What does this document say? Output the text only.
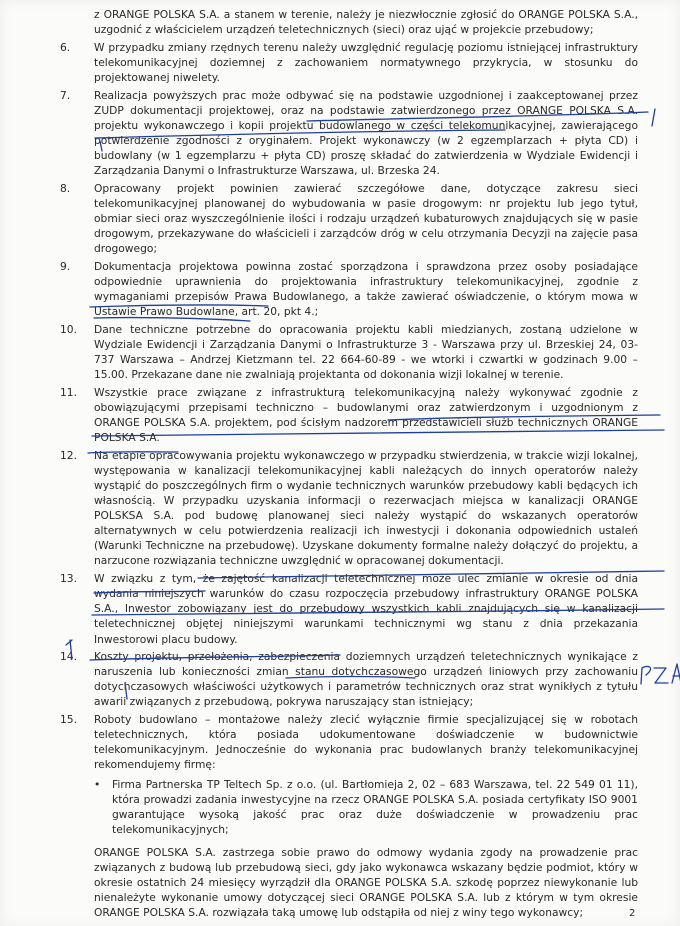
z ORANGE POLSKA S.A. a stanem w terenie, należy je niezwłocznie zgłosić do ORANGE POLSKA S.A., uzgodnić z właścicielem urządzeń teletechnicznych (sieci) oraz ująć w projekcie przebudowy;
6. W przypadku zmiany rzędnych terenu należy uwzględnić regulację poziomu istniejącej infrastruktury telekomunikacyjnej doziemnej z zachowaniem normatywnego przykrycia, w stosunku do projektowanej niwelety.
7. Realizacja powyższych prac może odbywać się na podstawie uzgodnionej i zaakceptowanej przez ZUDP dokumentacji projektowej, oraz na podstawie zatwierdzonego przez ORANGE POLSKA S.A. projektu wykonawczego i kopii projektu budowlanego w części telekomunikacyjnej, zawierającego potwierdzenie zgodności z oryginałem. Projekt wykonawczy (w 2 egzemplarzach + płyta CD) i budowlany (w 1 egzemplarzu + płyta CD) proszę składać do zatwierdzenia w Wydziale Ewidencji i Zarządzania Danymi o Infrastrukturze Warszawa, ul. Brzeska 24.
8. Opracowany projekt powinien zawierać szczegółowe dane, dotyczące zakresu sieci telekomunikacyjnej planowanej do wybudowania w pasie drogowym: nr projektu lub jego tytuł, obmiar sieci oraz wyszczególnienie ilości i rodzaju urządzeń kubaturowych znajdujących się w pasie drogowym, przekazywane do właścicieli i zarządców dróg w celu otrzymania Decyzji na zajęcie pasa drogowego;
9. Dokumentacja projektowa powinna zostać sporządzona i sprawdzona przez osoby posiadające odpowiednie uprawnienia do projektowania infrastruktury telekomunikacyjnej, zgodnie z wymaganiami przepisów Prawa Budowlanego, a także zawierać oświadczenie, o którym mowa w Ustawie Prawo Budowlane, art. 20, pkt 4.;
10. Dane techniczne potrzebne do opracowania projektu kabli miedzianych, zostaną udzielone w Wydziale Ewidencji i Zarządzania Danymi o Infrastrukturze 3 - Warszawa przy ul. Brzeskiej 24, 03-737 Warszawa – Andrzej Kietzmann tel. 22 664-60-89 - we wtorki i czwartki w godzinach 9.00 – 15.00. Przekazane dane nie zwalniają projektanta od dokonania wizji lokalnej w terenie.
11. Wszystkie prace związane z infrastrukturą telekomunikacyjną należy wykonywać zgodnie z obowiązującymi przepisami techniczno – budowlanymi oraz zatwierdzonym i uzgodnionym z ORANGE POLSKA S.A. projektem, pod ścisłym nadzorem przedstawicieli służb technicznych ORANGE POLSKA S.A.
12. Na etapie opracowywania projektu wykonawczego w przypadku stwierdzenia, w trakcie wizji lokalnej, występowania w kanalizacji telekomunikacyjnej kabli należących do innych operatorów należy wystąpić do poszczególnych firm o wydanie technicznych warunków przebudowy kabli będących ich własnością. W przypadku uzyskania informacji o rezerwacjach miejsca w kanalizacji ORANGE POLSKSA S.A. pod budowę planowanej sieci należy wystąpić do wskazanych operatorów alternatywnych w celu potwierdzenia realizacji ich inwestycji i dokonania odpowiednich ustaleń (Warunki Techniczne na przebudowę). Uzyskane dokumenty formalne należy dołączyć do projektu, a narzucone rozwiązania techniczne uwzględnić w opracowanej dokumentacji.
13. W związku z tym, że zajętość kanalizacji teletechnicznej może ulec zmianie w okresie od dnia wydania niniejszych warunków do czasu rozpoczęcia przebudowy infrastruktury ORANGE POLSKA S.A., Inwestor zobowiązany jest do przebudowy wszystkich kabli znajdujących się w kanalizacji teletechnicznej objętej niniejszymi warunkami technicznymi wg stanu z dnia przekazania Inwestorowi placu budowy.
14. Koszty projektu, przełożenia, zabezpieczenia doziemnych urządzeń teletechnicznych wynikające z naruszenia lub konieczności zmian stanu dotychczasowego urządzeń liniowych przy zachowaniu dotychczasowych właściwości użytkowych i parametrów technicznych oraz strat wynikłych z tytułu awarii związanych z przebudową, pokrywa naruszający stan istniejący;
15. Roboty budowlano – montażowe należy zlecić wyłącznie firmie specjalizującej się w robotach teletechnicznych, która posiada udokumentowane doświadczenie w budownictwie telekomunikacyjnym. Jednocześnie do wykonania prac budowlanych branży telekomunikacyjnej rekomendujemy firmę:
• Firma Partnerska TP Teltech Sp. z o.o. (ul. Bartłomieja 2, 02 – 683 Warszawa, tel. 22 549 01 11), która prowadzi zadania inwestycyjne na rzecz ORANGE POLSKA S.A. posiada certyfikaty ISO 9001 gwarantujące wysoką jakość prac oraz duże doświadczenie w prowadzeniu prac telekomunikacyjnych;
ORANGE POLSKA S.A. zastrzega sobie prawo do odmowy wydania zgody na prowadzenie prac związanych z budową lub przebudową sieci, gdy jako wykonawca wskazany będzie podmiot, który w okresie ostatnich 24 miesięcy wyrządził dla ORANGE POLSKA S.A. szkodę poprzez niewykonanie lub nienależyte wykonanie umowy dotyczącej sieci ORANGE POLSKA S.A. lub z którym w tym okresie ORANGE POLSKA S.A. rozwiązała taką umowę lub odstąpiła od niej z winy tego wykonawcy;	2
